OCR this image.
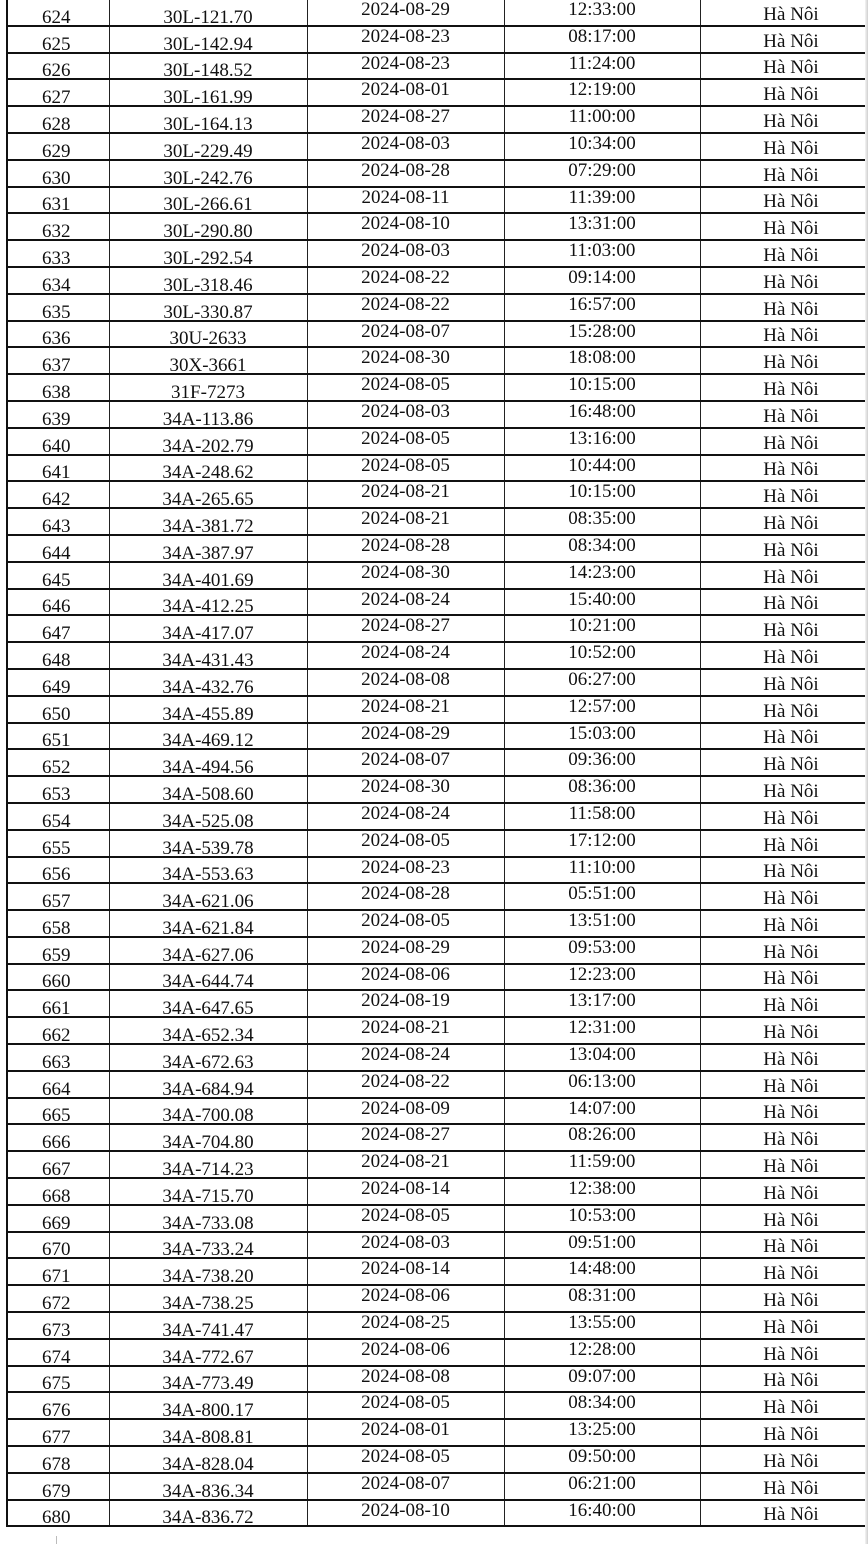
624	30L-121.70	2024-08-29	12:33:00	Hà Nôi
625	30L-142.94	2024-08-23	08:17:00	Hà Nôi
626	30L-148.52	2024-08-23	11:24:00	Hà Nôi
627	30L-161.99	2024-08-01	12:19:00	Hà Nôi
628	30L-164.13	2024-08-27	11:00:00	Hà Nôi
629	30L-229.49	2024-08-03	10:34:00	Hà Nôi
630	30L-242.76	2024-08-28	07:29:00	Hà Nôi
631	30L-266.61	2024-08-11	11:39:00	Hà Nôi
632	30L-290.80	2024-08-10	13:31:00	Hà Nôi
633	30L-292.54	2024-08-03	11:03:00	Hà Nôi
634	30L-318.46	2024-08-22	09:14:00	Hà Nôi
635	30L-330.87	2024-08-22	16:57:00	Hà Nôi
636	30U-2633	2024-08-07	15:28:00	Hà Nôi
637	30X-3661	2024-08-30	18:08:00	Hà Nôi
638	31F-7273	2024-08-05	10:15:00	Hà Nôi
639	34A-113.86	2024-08-03	16:48:00	Hà Nôi
640	34A-202.79	2024-08-05	13:16:00	Hà Nôi
641	34A-248.62	2024-08-05	10:44:00	Hà Nôi
642	34A-265.65	2024-08-21	10:15:00	Hà Nôi
643	34A-381.72	2024-08-21	08:35:00	Hà Nôi
644	34A-387.97	2024-08-28	08:34:00	Hà Nôi
645	34A-401.69	2024-08-30	14:23:00	Hà Nôi
646	34A-412.25	2024-08-24	15:40:00	Hà Nôi
647	34A-417.07	2024-08-27	10:21:00	Hà Nôi
648	34A-431.43	2024-08-24	10:52:00	Hà Nôi
649	34A-432.76	2024-08-08	06:27:00	Hà Nôi
650	34A-455.89	2024-08-21	12:57:00	Hà Nôi
651	34A-469.12	2024-08-29	15:03:00	Hà Nôi
652	34A-494.56	2024-08-07	09:36:00	Hà Nôi
653	34A-508.60	2024-08-30	08:36:00	Hà Nôi
654	34A-525.08	2024-08-24	11:58:00	Hà Nôi
655	34A-539.78	2024-08-05	17:12:00	Hà Nôi
656	34A-553.63	2024-08-23	11:10:00	Hà Nôi
657	34A-621.06	2024-08-28	05:51:00	Hà Nôi
658	34A-621.84	2024-08-05	13:51:00	Hà Nôi
659	34A-627.06	2024-08-29	09:53:00	Hà Nôi
660	34A-644.74	2024-08-06	12:23:00	Hà Nôi
661	34A-647.65	2024-08-19	13:17:00	Hà Nôi
662	34A-652.34	2024-08-21	12:31:00	Hà Nôi
663	34A-672.63	2024-08-24	13:04:00	Hà Nôi
664	34A-684.94	2024-08-22	06:13:00	Hà Nôi
665	34A-700.08	2024-08-09	14:07:00	Hà Nôi
666	34A-704.80	2024-08-27	08:26:00	Hà Nôi
667	34A-714.23	2024-08-21	11:59:00	Hà Nôi
668	34A-715.70	2024-08-14	12:38:00	Hà Nôi
669	34A-733.08	2024-08-05	10:53:00	Hà Nôi
670	34A-733.24	2024-08-03	09:51:00	Hà Nôi
671	34A-738.20	2024-08-14	14:48:00	Hà Nôi
672	34A-738.25	2024-08-06	08:31:00	Hà Nôi
673	34A-741.47	2024-08-25	13:55:00	Hà Nôi
674	34A-772.67	2024-08-06	12:28:00	Hà Nôi
675	34A-773.49	2024-08-08	09:07:00	Hà Nôi
676	34A-800.17	2024-08-05	08:34:00	Hà Nôi
677	34A-808.81	2024-08-01	13:25:00	Hà Nôi
678	34A-828.04	2024-08-05	09:50:00	Hà Nôi
679	34A-836.34	2024-08-07	06:21:00	Hà Nôi
680	34A-836.72	2024-08-10	16:40:00	Hà Nôi
